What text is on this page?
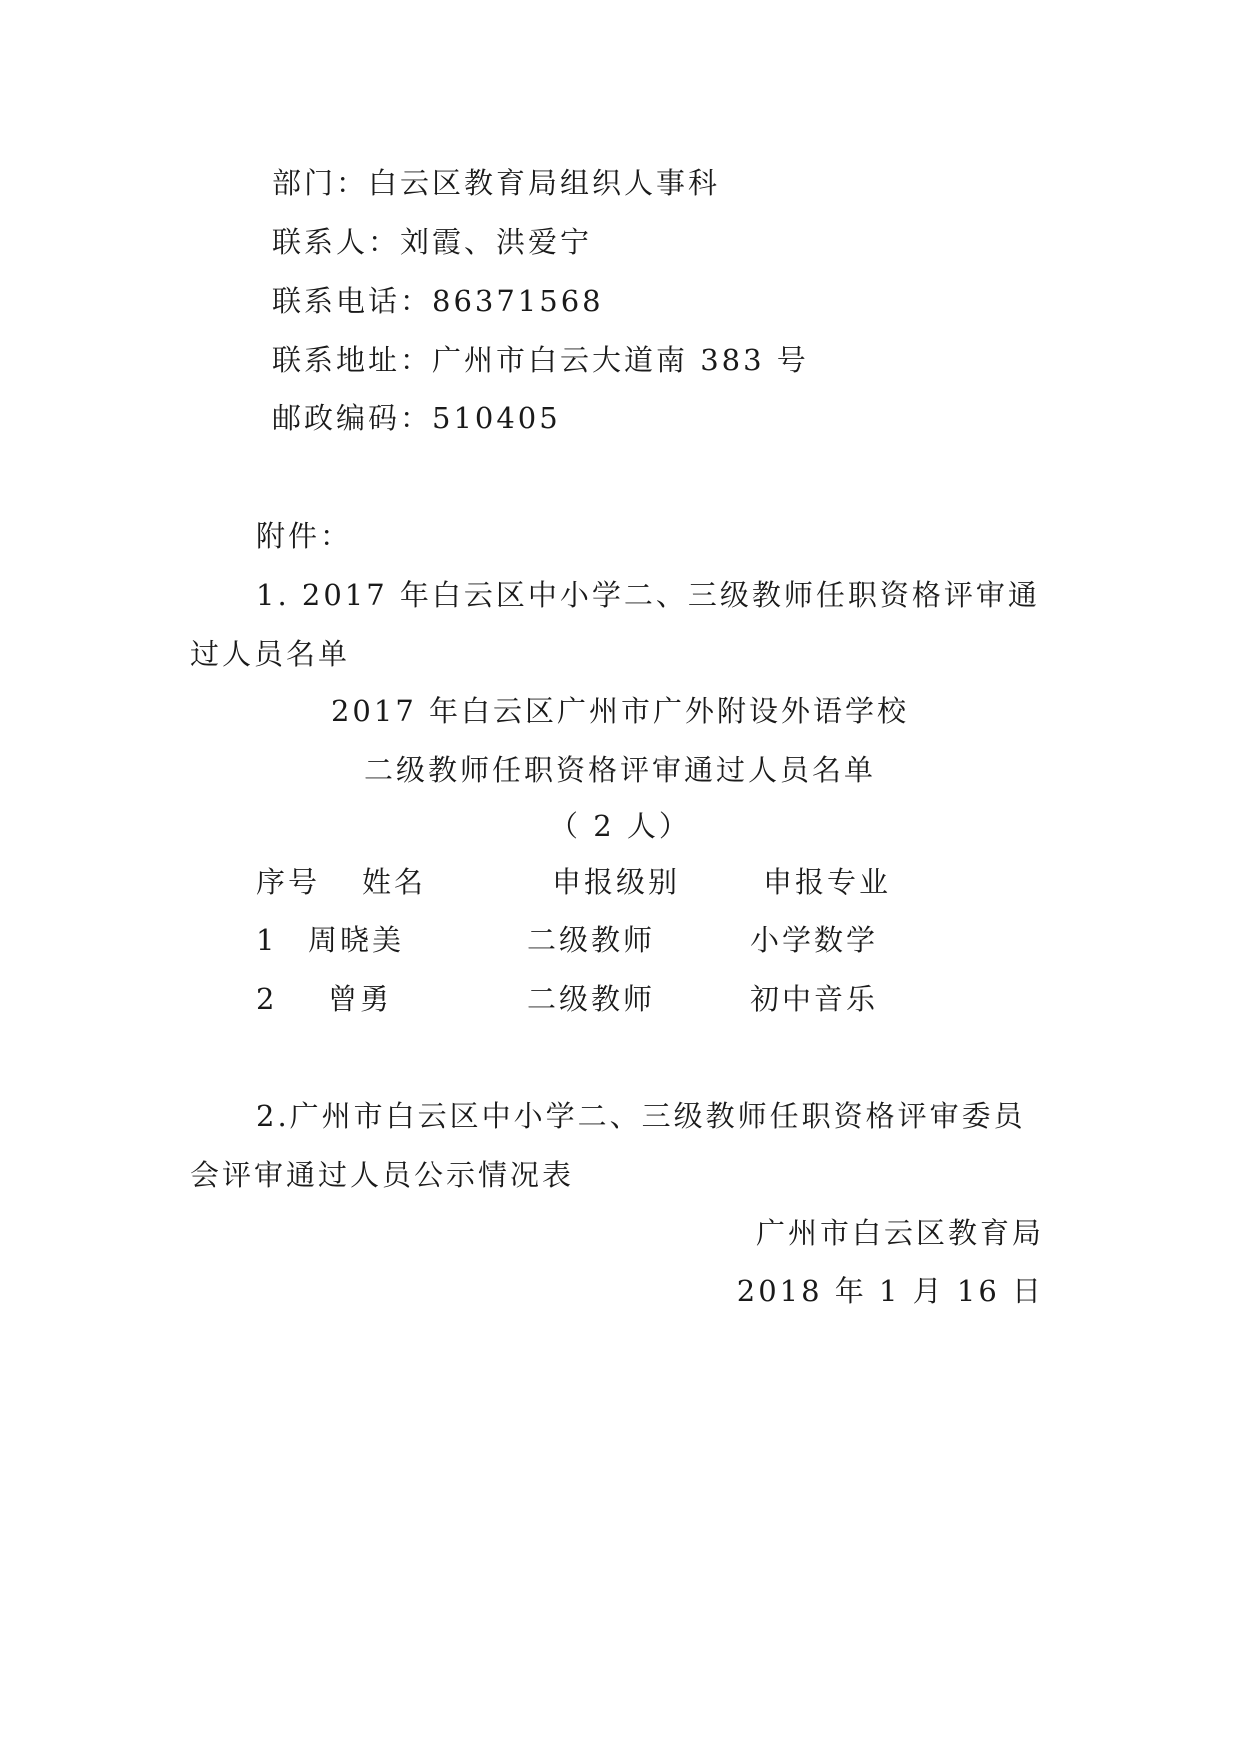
部门：白云区教育局组织人事科
联系人：刘霞、洪爱宁
联系电话：86371568
联系地址：广州市白云大道南 383 号
邮政编码：510405
附件：
1. 2017 年白云区中小学二、三级教师任职资格评审通
过人员名单
2017 年白云区广州市广外附设外语学校
二级教师任职资格评审通过人员名单
（ 2 人）
序号 姓名	申报级别	申报专业
1 周晓美	二级教师	小学数学
2 曾勇	二级教师	初中音乐
2.广州市白云区中小学二、三级教师任职资格评审委员
会评审通过人员公示情况表
广州市白云区教育局
2018 年 1 月 16 日
